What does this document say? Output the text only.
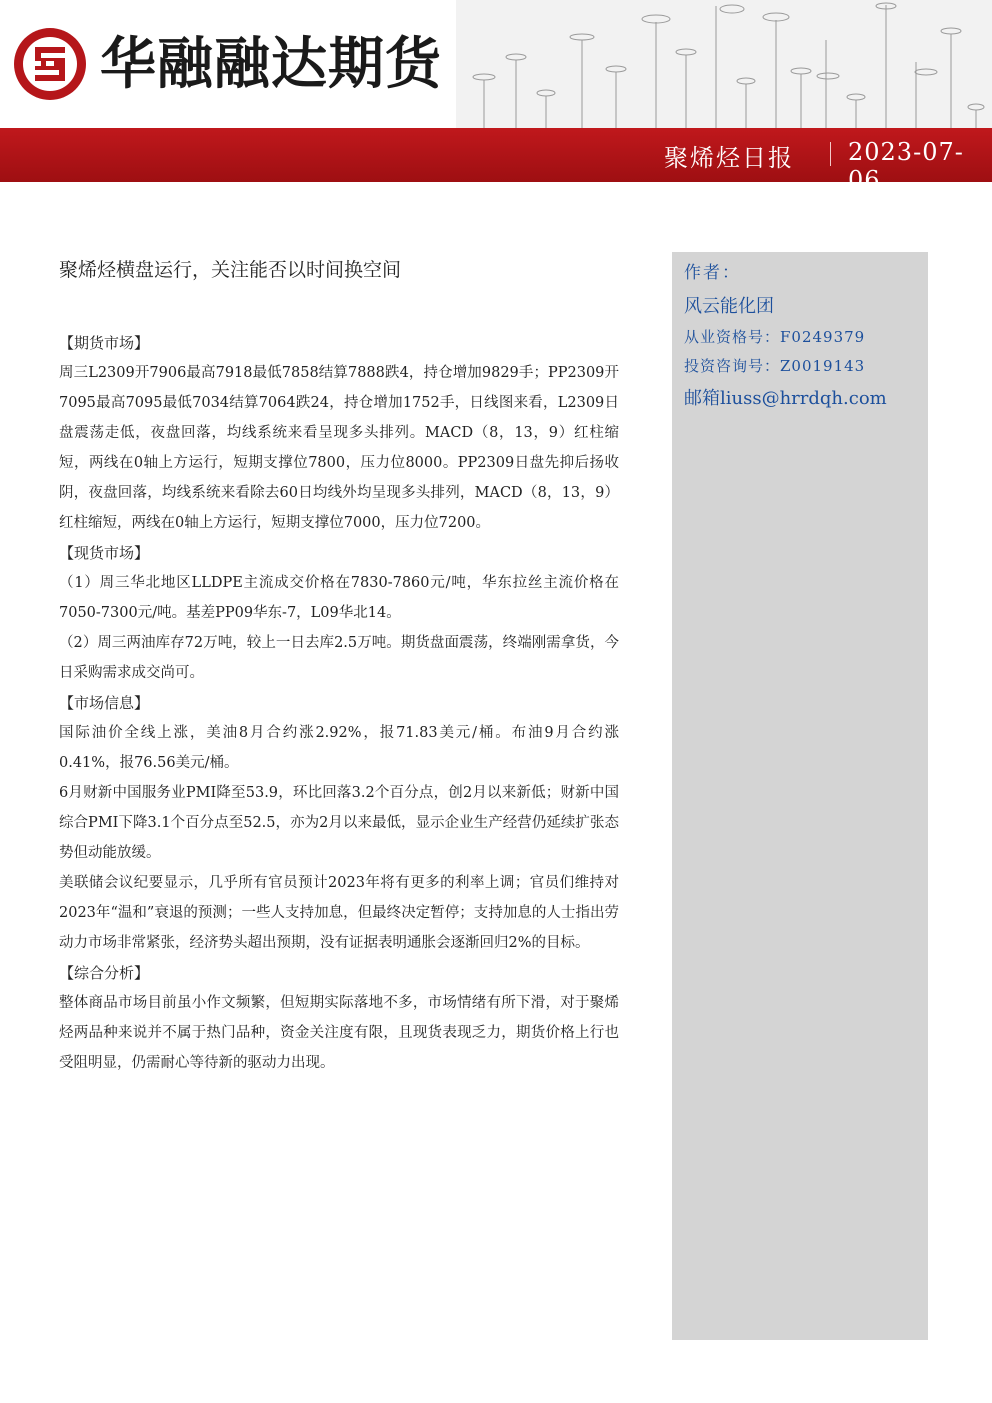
华融融达期货
聚烯烃日报 2023-07-06
作者：
风云能化团
从业资格号：F0249379
投资咨询号：Z0019143
邮箱liuss@hrrdqh.com
聚烯烃横盘运行，关注能否以时间换空间

【期货市场】

周三L2309开7906最高7918最低7858结算7888跌4，持仓增加9829手；PP2309开7095最高7095最低7034结算7064跌24，持仓增加1752手，日线图来看，L2309日盘震荡走低，夜盘回落，均线系统来看呈现多头排列。MACD（8，13，9）红柱缩短，两线在0轴上方运行，短期支撑位7800，压力位8000。PP2309日盘先抑后扬收阴，夜盘回落，均线系统来看除去60日均线外均呈现多头排列，MACD（8，13，9）红柱缩短，两线在0轴上方运行，短期支撑位7000，压力位7200。

【现货市场】

（1）周三华北地区LLDPE主流成交价格在7830-7860元/吨，华东拉丝主流价格在7050-7300元/吨。基差PP09华东-7，L09华北14。

（2）周三两油库存72万吨，较上一日去库2.5万吨。期货盘面震荡，终端刚需拿货，今日采购需求成交尚可。

【市场信息】

国际油价全线上涨，美油8月合约涨2.92%，报71.83美元/桶。布油9月合约涨0.41%，报76.56美元/桶。

6月财新中国服务业PMI降至53.9，环比回落3.2个百分点，创2月以来新低；财新中国综合PMI下降3.1个百分点至52.5，亦为2月以来最低，显示企业生产经营仍延续扩张态势但动能放缓。

美联储会议纪要显示，几乎所有官员预计2023年将有更多的利率上调；官员们维持对2023年“温和”衰退的预测；一些人支持加息，但最终决定暂停；支持加息的人士指出劳动力市场非常紧张，经济势头超出预期，没有证据表明通胀会逐渐回归2%的目标。

【综合分析】

整体商品市场目前虽小作文频繁，但短期实际落地不多，市场情绪有所下滑，对于聚烯烃两品种来说并不属于热门品种，资金关注度有限，且现货表现乏力，期货价格上行也受阻明显，仍需耐心等待新的驱动力出现。
